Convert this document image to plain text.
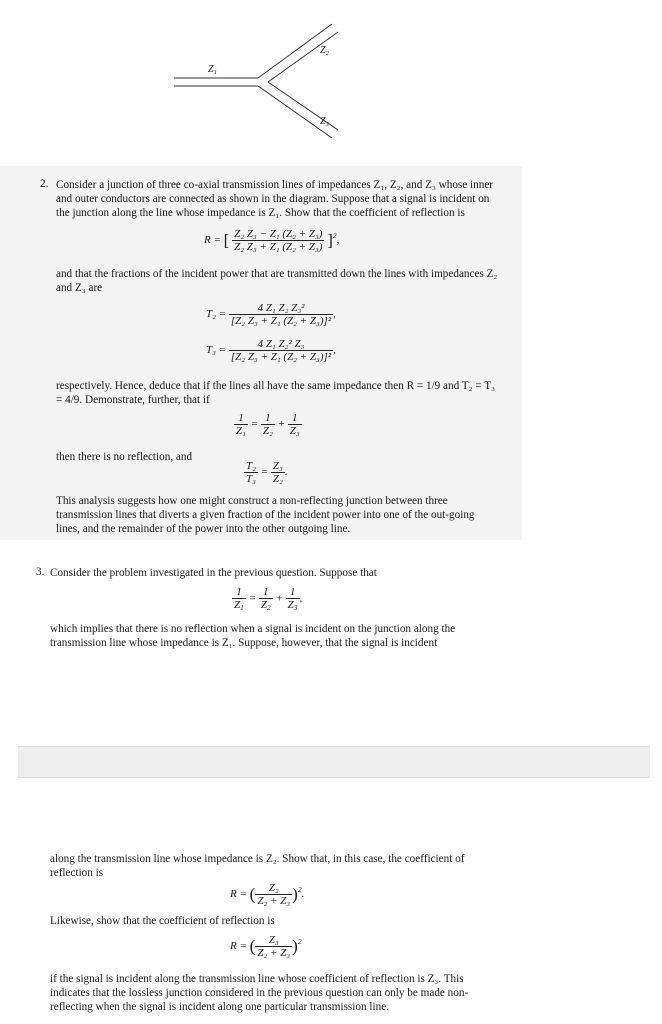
Z₁
Z₂
Z₃
2. Consider a junction of three co-axial transmission lines of impedances Z₁, Z₂, and Z₃ whose inner and outer conductors are connected as shown in the diagram. Suppose that a signal is incident on the junction along the line whose impedance is Z₁. Show that the coefficient of reflection is

R = [ $\frac{\text{Z₂ Z₃ − Z₁ (Z₂ + Z₃)}}{\text{Z₂ Z₃ + Z₁ (Z₂ + Z₃)}} ]^2$,

and that the fractions of the incident power that are transmitted down the lines with impedances Z₂ and Z₃ are

$T_2 = \frac{\text{4 Z₁ Z₂ Z₃²}}{\text{[Z₂ Z₃ + Z₁ (Z₂ + Z₃)]²}}$ ,
$T_3 = \frac{\text{4 Z₁ Z₂² Z₃}}{\text{[Z₂ Z₃ + Z₁ (Z₂ + Z₃)]²}}$ ,

respectively. Hence, deduce that if the lines all have the same impedance then R = 1/9 and T₂ = T₃ = 4/9. Demonstrate, further, that if

$\frac{1}{\text{Z₁}} = \frac{1}{\text{Z₂}} + \frac{1}{\text{Z₃}}$

then there is no reflection, and

$\frac{\text{T₂}}{\text{T₃}} = \frac{\text{Z₃}}{\text{Z₂}}$ .

This analysis suggests how one might construct a non-reflecting junction between three transmission lines that diverts a given fraction of the incident power into one of the out-going lines, and the remainder of the power into the other outgoing line.

3. Consider the problem investigated in the previous question. Suppose that

$\frac{1}{Z_1} = \frac{1}{Z_2} + \frac{1}{Z_3}$ ,

which implies that there is no reflection when a signal is incident on the junction along the transmission line whose impedance is Z₁. Suppose, however, that the signal is incident

along the transmission line whose impedance is Z₂. Show that, in this case, the coefficient of reflection is

R = ( $\frac{\text{Z₂}}{\text{Z₂ + Z₃}} )^2$.

Likewise, show that the coefficient of reflection is

R = ( $\frac{\text{Z₃}}{\text{Z₂ + Z₃}} )^2$

if the signal is incident along the transmission line whose coefficient of reflection is Z₃. This indicates that the lossless junction considered in the previous question can only be made non-reflecting when the signal is incident along one particular transmission line.
